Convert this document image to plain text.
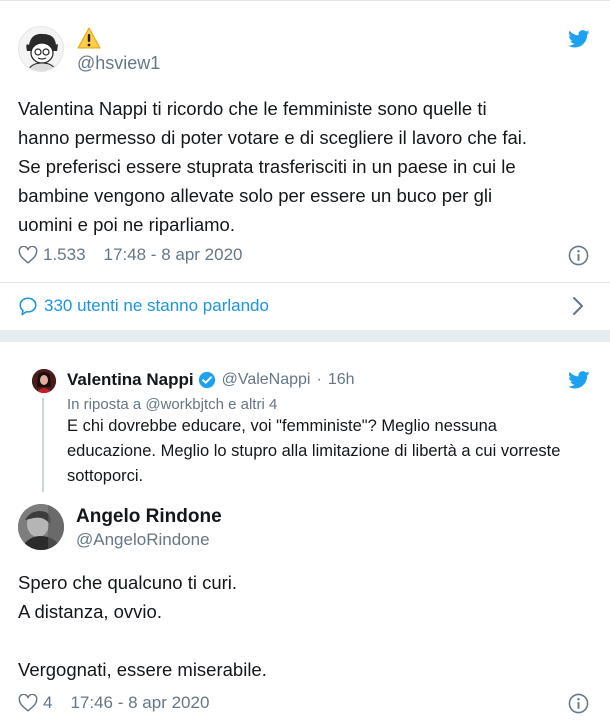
@hsview1
Valentina Nappi ti ricordo che le femministe sono quelle ti
hanno permesso di poter votare e di scegliere il lavoro che fai.
Se preferisci essere stuprata trasferisciti in un paese in cui le
bambine vengono allevate solo per essere un buco per gli
uomini e poi ne riparliamo.
1.533 17:48 - 8 apr 2020
330 utenti ne stanno parlando
Valentina Nappi @ValeNappi · 16h
In riposta a @workbjtch e altri 4
E chi dovrebbe educare, voi "femministe"? Meglio nessuna
educazione. Meglio lo stupro alla limitazione di libertà a cui vorreste
sottoporci.
Angelo Rindone
@AngeloRindone
Spero che qualcuno ti curi.
A distanza, ovvio.
Vergognati, essere miserabile.
4 17:46 - 8 apr 2020
